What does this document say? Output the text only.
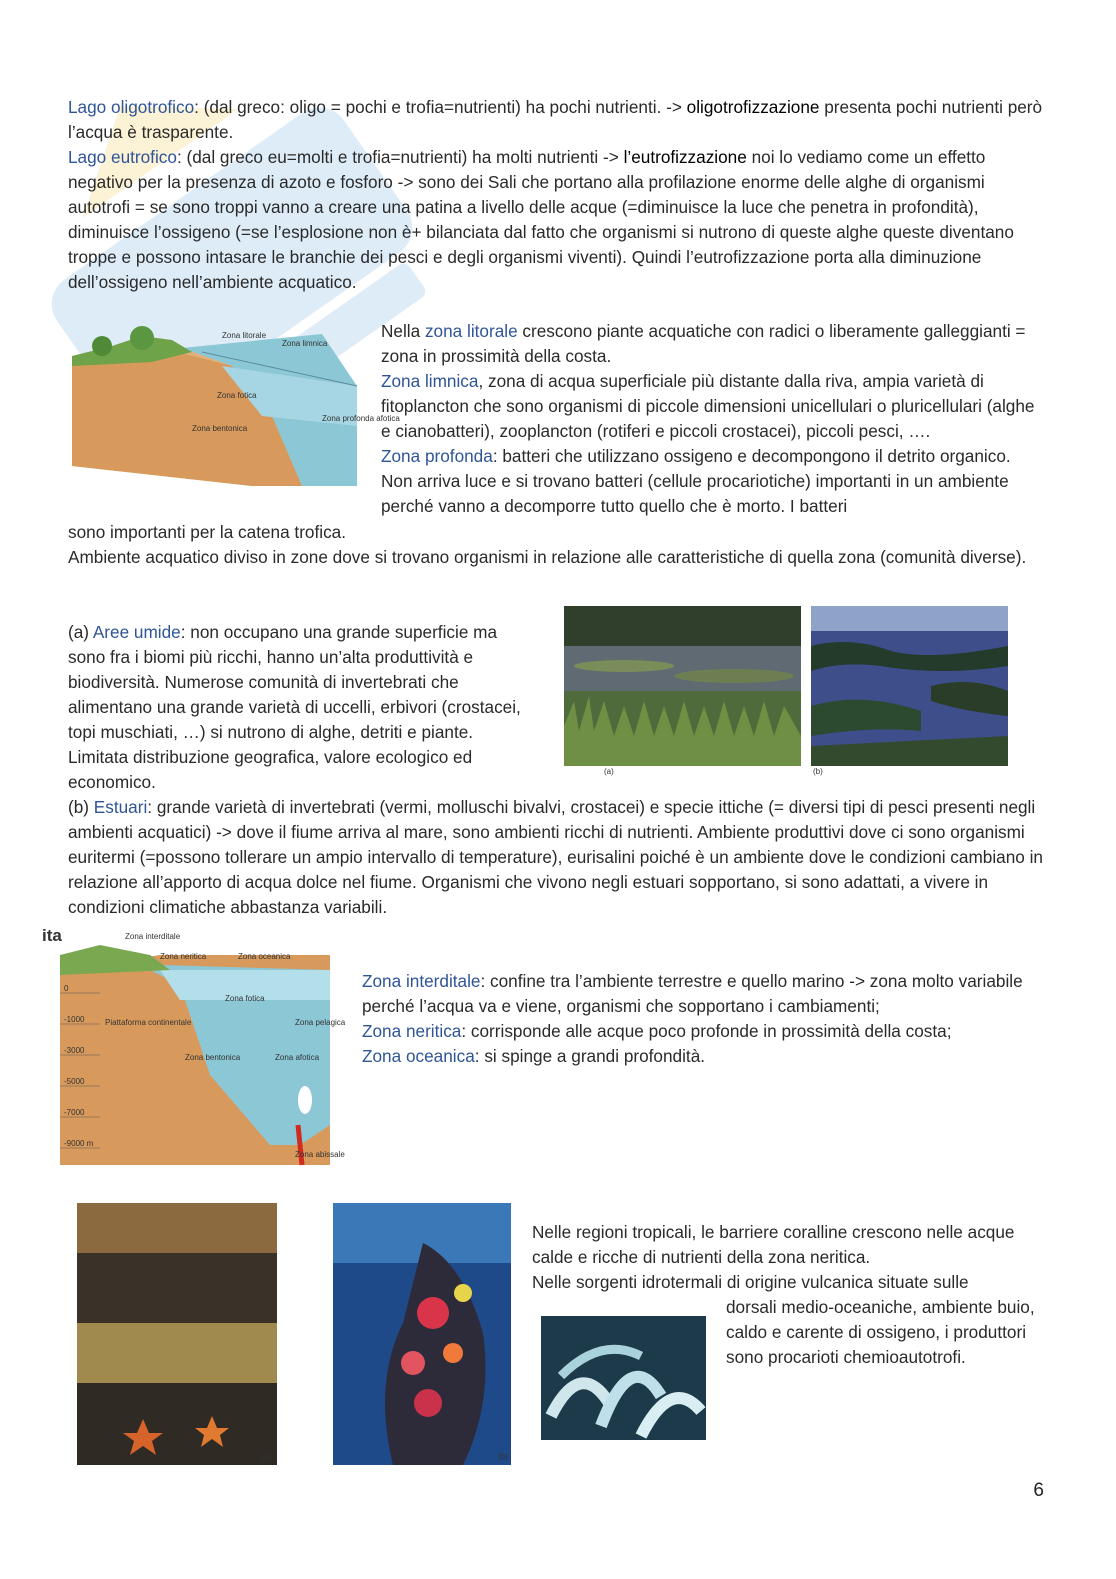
Lago oligotrofico: (dal greco: oligo = pochi e trofia=nutrienti) ha pochi nutrienti. -> oligotrofizzazione presenta pochi nutrienti però l’acqua è trasparente.

Lago eutrofico: (dal greco eu=molti e trofia=nutrienti) ha molti nutrienti -> l’eutrofizzazione noi lo vediamo come un effetto negativo per la presenza di azoto e fosforo -> sono dei Sali che portano alla profilazione enorme delle alghe di organismi autotrofi = se sono troppi vanno a creare una patina a livello delle acque (=diminuisce la luce che penetra in profondità), diminuisce l’ossigeno (=se l’esplosione non è+ bilanciata dal fatto che organismi si nutrono di queste alghe queste diventano troppe e possono intasare le branchie dei pesci e degli organismi viventi). Quindi l’eutrofizzazione porta alla diminuzione dell’ossigeno nell’ambiente acquatico.

Zona litorale
Zona limnica
Zona fotica
Zona bentonica
Zona profonda afotica

Nella zona litorale crescono piante acquatiche con radici o liberamente galleggianti = zona in prossimità della costa.

Zona limnica, zona di acqua superficiale più distante dalla riva, ampia varietà di fitoplancton che sono organismi di piccole dimensioni unicellulari o pluricellulari (alghe e cianobatteri), zooplancton (rotiferi e piccoli crostacei), piccoli pesci, ….

Zona profonda: batteri che utilizzano ossigeno e decompongono il detrito organico. Non arriva luce e si trovano batteri (cellule procariotiche) importanti in un ambiente perché vanno a decomporre tutto quello che è morto. I batteri

sono importanti per la catena trofica.

Ambiente acquatico diviso in zone dove si trovano organismi in relazione alle caratteristiche di quella zona (comunità diverse).

(a) Aree umide: non occupano una grande superficie ma sono fra i biomi più ricchi, hanno un’alta produttività e biodiversità. Numerose comunità di invertebrati che alimentano una grande varietà di uccelli, erbivori (crostacei, topi muschiati, …) si nutrono di alghe, detriti e piante. Limitata distribuzione geografica, valore ecologico ed economico.

(a)	(b)

(b) Estuari: grande varietà di invertebrati (vermi, molluschi bivalvi, crostacei) e specie ittiche (= diversi tipi di pesci presenti negli ambienti acquatici) -> dove il fiume arriva al mare, sono ambienti ricchi di nutrienti. Ambiente produttivi dove ci sono organismi euritermi (=possono tollerare un ampio intervallo di temperature), eurisalini poiché è un ambiente dove le condizioni cambiano in relazione all’apporto di acqua dolce nel fiume. Organismi che vivono negli estuari sopportano, si sono adattati, a vivere in condizioni climatiche abbastanza variabili.

ita	Zona interditale
Zona neritica	Zona oceanica
Zona fotica
Piattaforma continentale
Zona bentonica
Zona pelagica
Zona afotica
Zona abissale
0
-1000
-3000
-5000
-7000
-9000 m

Zona interditale: confine tra l’ambiente terrestre e quello marino -> zona molto variabile perché l’acqua va e viene, organismi che sopportano i cambiamenti;

Zona neritica: corrisponde alle acque poco profonde in prossimità della costa;

Zona oceanica: si spinge a grandi profondità.

(a)	(b)

Nelle regioni tropicali, le barriere coralline crescono nelle acque calde e ricche di nutrienti della zona neritica.

Nelle sorgenti idrotermali di origine vulcanica situate sulle

dorsali medio-oceaniche, ambiente buio, caldo e carente di ossigeno, i produttori sono procarioti chemioautotrofi.

6
